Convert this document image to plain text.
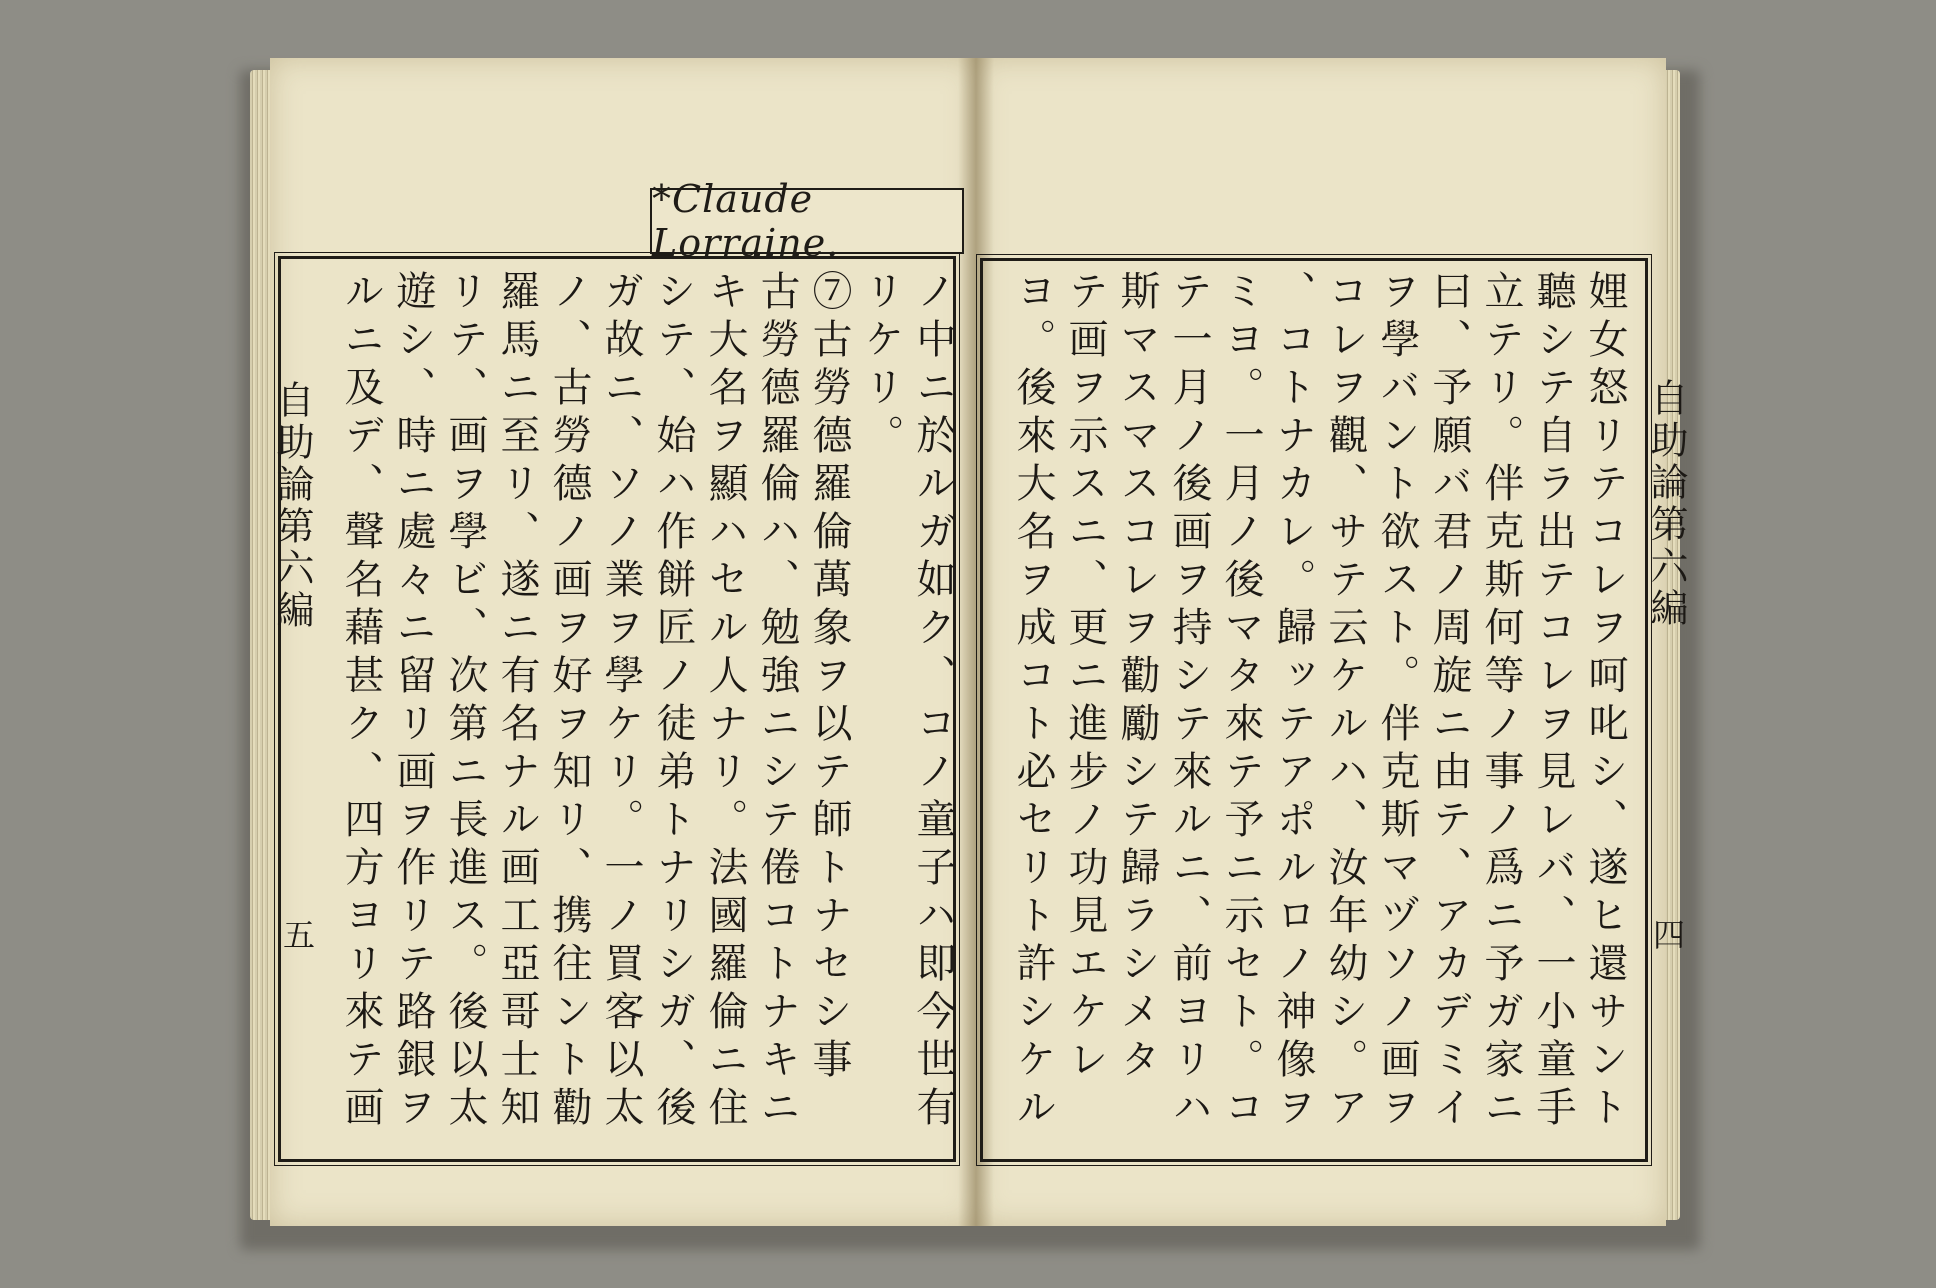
*Claude Lorraine.
自助論第六編
五
自助論第六編
四
ノ中ニ於ルガ如ク、コノ童子ハ即今世有
リケリ。
⑦古勞德羅倫萬象ヲ以テ師トナセシ事
古勞德羅倫ハ、勉強ニシテ倦コトナキニ
キ大名ヲ顯ハセル人ナリ。法國羅倫ニ住
シテ、始ハ作餅匠ノ徒弟トナリシガ、後
ガ故ニ、ソノ業ヲ學ケリ。一ノ買客以太
ノ、古勞德ノ画ヲ好ヲ知リ、携往ント勸
羅馬ニ至リ、遂ニ有名ナル画工亞哥士知
リテ、画ヲ學ビ、次第ニ長進ス。後以太
遊シ、時ニ處々ニ留リ画ヲ作リテ路銀ヲ
ルニ及デ、聲名藉甚ク、四方ヨリ來テ画
娌女怒リテコレヲ呵叱シ、遂ヒ還サント
聽シテ自ラ出テコレヲ見レバ、一小童手
立テリ。伴克斯何等ノ事ノ爲ニ予ガ家ニ
曰、予願バ君ノ周旋ニ由テ、アカデミイ
ヲ學バント欲スト。伴克斯マヅソノ画ヲ
コレヲ觀、サテ云ケルハ、汝年幼シ。ア
、コトナカレ。歸ッテアポルロノ神像ヲ
ミヨ。一月ノ後マタ來テ予ニ示セト。コ
テ一月ノ後画ヲ持シテ來ルニ、前ヨリハ
斯マスマスコレヲ勸勵シテ歸ラシメタ
テ画ヲ示スニ、更ニ進步ノ功見エケレ
ヨ。後來大名ヲ成コト必セリト許シケル
